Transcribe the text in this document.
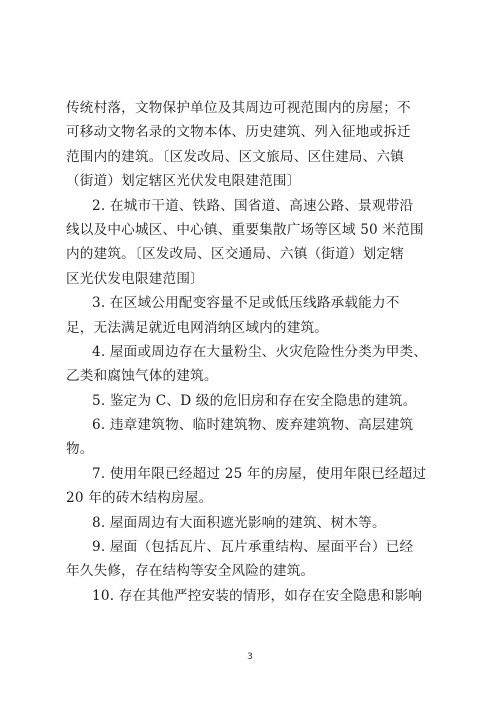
传统村落，文物保护单位及其周边可视范围内的房屋；不
可移动文物名录的文物本体、历史建筑、列入征地或拆迁
范围内的建筑。〔区发改局、区文旅局、区住建局、六镇
（街道）划定辖区光伏发电限建范围〕
2. 在城市干道、铁路、国省道、高速公路、景观带沿
线以及中心城区、中心镇、重要集散广场等区域 50 米范围
内的建筑。〔区发改局、区交通局、六镇（街道）划定辖
区光伏发电限建范围〕
3. 在区域公用配变容量不足或低压线路承载能力不
足，无法满足就近电网消纳区域内的建筑。
4. 屋面或周边存在大量粉尘、火灾危险性分类为甲类、
乙类和腐蚀气体的建筑。
5. 鉴定为 C、D 级的危旧房和存在安全隐患的建筑。
6. 违章建筑物、临时建筑物、废弃建筑物、高层建筑
物。
7. 使用年限已经超过 25 年的房屋，使用年限已经超过
20 年的砖木结构房屋。
8. 屋面周边有大面积遮光影响的建筑、树木等。
9. 屋面（包括瓦片、瓦片承重结构、屋面平台）已经
年久失修，存在结构等安全风险的建筑。
10. 存在其他严控安装的情形，如存在安全隐患和影响
3
